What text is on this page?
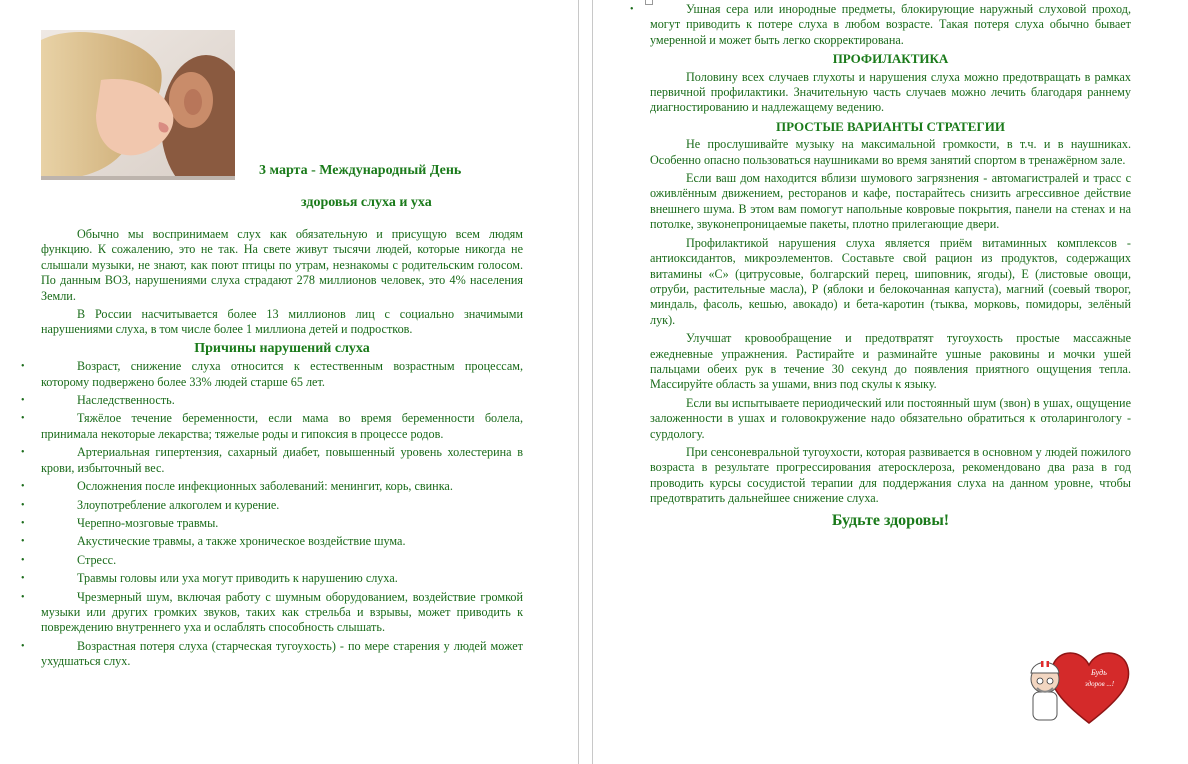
3 марта - Международный День
здоровья слуха и уха

Обычно мы воспринимаем слух как обязательную и присущую всем людям функцию. К сожалению, это не так. На свете живут тысячи людей, которые никогда не слышали музыки, не знают, как поют птицы по утрам, незнакомы с родительским голосом. По данным ВОЗ, нарушениями слуха страдают 278 миллионов человек, это 4% населения Земли.

В России насчитывается более 13 миллионов лиц с социально значимыми нарушениями слуха, в том числе более 1 миллиона детей и подростков.

Причины нарушений слуха
•	Возраст, снижение слуха относится к естественным возрастным процессам, которому подвержено более 33% людей старше 65 лет.
•	Наследственность.
•	Тяжёлое течение беременности, если мама во время беременности болела, принимала некоторые лекарства; тяжелые роды и гипоксия в процессе родов.
•	Артериальная гипертензия, сахарный диабет, повышенный уровень холестерина в крови, избыточный вес.
•	Осложнения после инфекционных заболеваний: менингит, корь, свинка.
•	Злоупотребление алкоголем и курение.
•	Черепно-мозговые травмы.
•	Акустические травмы, а также хроническое воздействие шума.
•	Стресс.
•	Травмы головы или уха могут приводить к нарушению слуха.
•	Чрезмерный шум, включая работу с шумным оборудованием, воздействие громкой музыки или других громких звуков, таких как стрельба и взрывы, может приводить к повреждению внутреннего уха и ослаблять способность слышать.
•	Возрастная потеря слуха (старческая тугоухость) - по мере старения у людей может ухудшаться слух.
•	Ушная сера или инородные предметы, блокирующие наружный слуховой проход, могут приводить к потере слуха в любом возрасте. Такая потеря слуха обычно бывает умеренной и может быть легко скорректирована.
ПРОФИЛАКТИКА

Половину всех случаев глухоты и нарушения слуха можно предотвращать в рамках первичной профилактики. Значительную часть случаев можно лечить благодаря раннему диагностированию и надлежащему ведению.

ПРОСТЫЕ ВАРИАНТЫ СТРАТЕГИИ

Не прослушивайте музыку на максимальной громкости, в т.ч. и в наушниках. Особенно опасно пользоваться наушниками во время занятий спортом в тренажёрном зале.

Если ваш дом находится вблизи шумового загрязнения - автомагистралей и трасс с оживлённым движением, ресторанов и кафе, постарайтесь снизить агрессивное действие внешнего шума. В этом вам помогут напольные ковровые покрытия, панели на стенах и на потолке, звуконепроницаемые пакеты, плотно прилегающие двери.

Профилактикой нарушения слуха является приём витаминных комплексов - антиоксидантов, микроэлементов. Составьте свой рацион из продуктов, содержащих витамины «С» (цитрусовые, болгарский перец, шиповник, ягоды), Е (листовые овощи, отруби, растительные масла), Р (яблоки и белокочанная капуста), магний (соевый творог, миндаль, фасоль, кешью, авокадо) и бета-каротин (тыква, морковь, помидоры, зелёный лук).

Улучшат кровообращение и предотвратят тугоухость простые массажные ежедневные упражнения. Растирайте и разминайте ушные раковины и мочки ушей пальцами обеих рук в течение 30 секунд до появления приятного ощущения тепла. Массируйте область за ушами, вниз под скулы к языку.

Если вы испытываете периодический или постоянный шум (звон) в ушах, ощущение заложенности в ушах и головокружение надо обязательно обратиться к отоларингологу - сурдологу.

При сенсоневральной тугоухости, которая развивается в основном у людей пожилого возраста в результате прогрессирования атеросклероза, рекомендовано два раза в год проводить курсы сосудистой терапии для поддержания слуха на данном уровне, чтобы предотвратить дальнейшее снижение слуха.

Будьте здоровы!
Будь
здоров ...!
